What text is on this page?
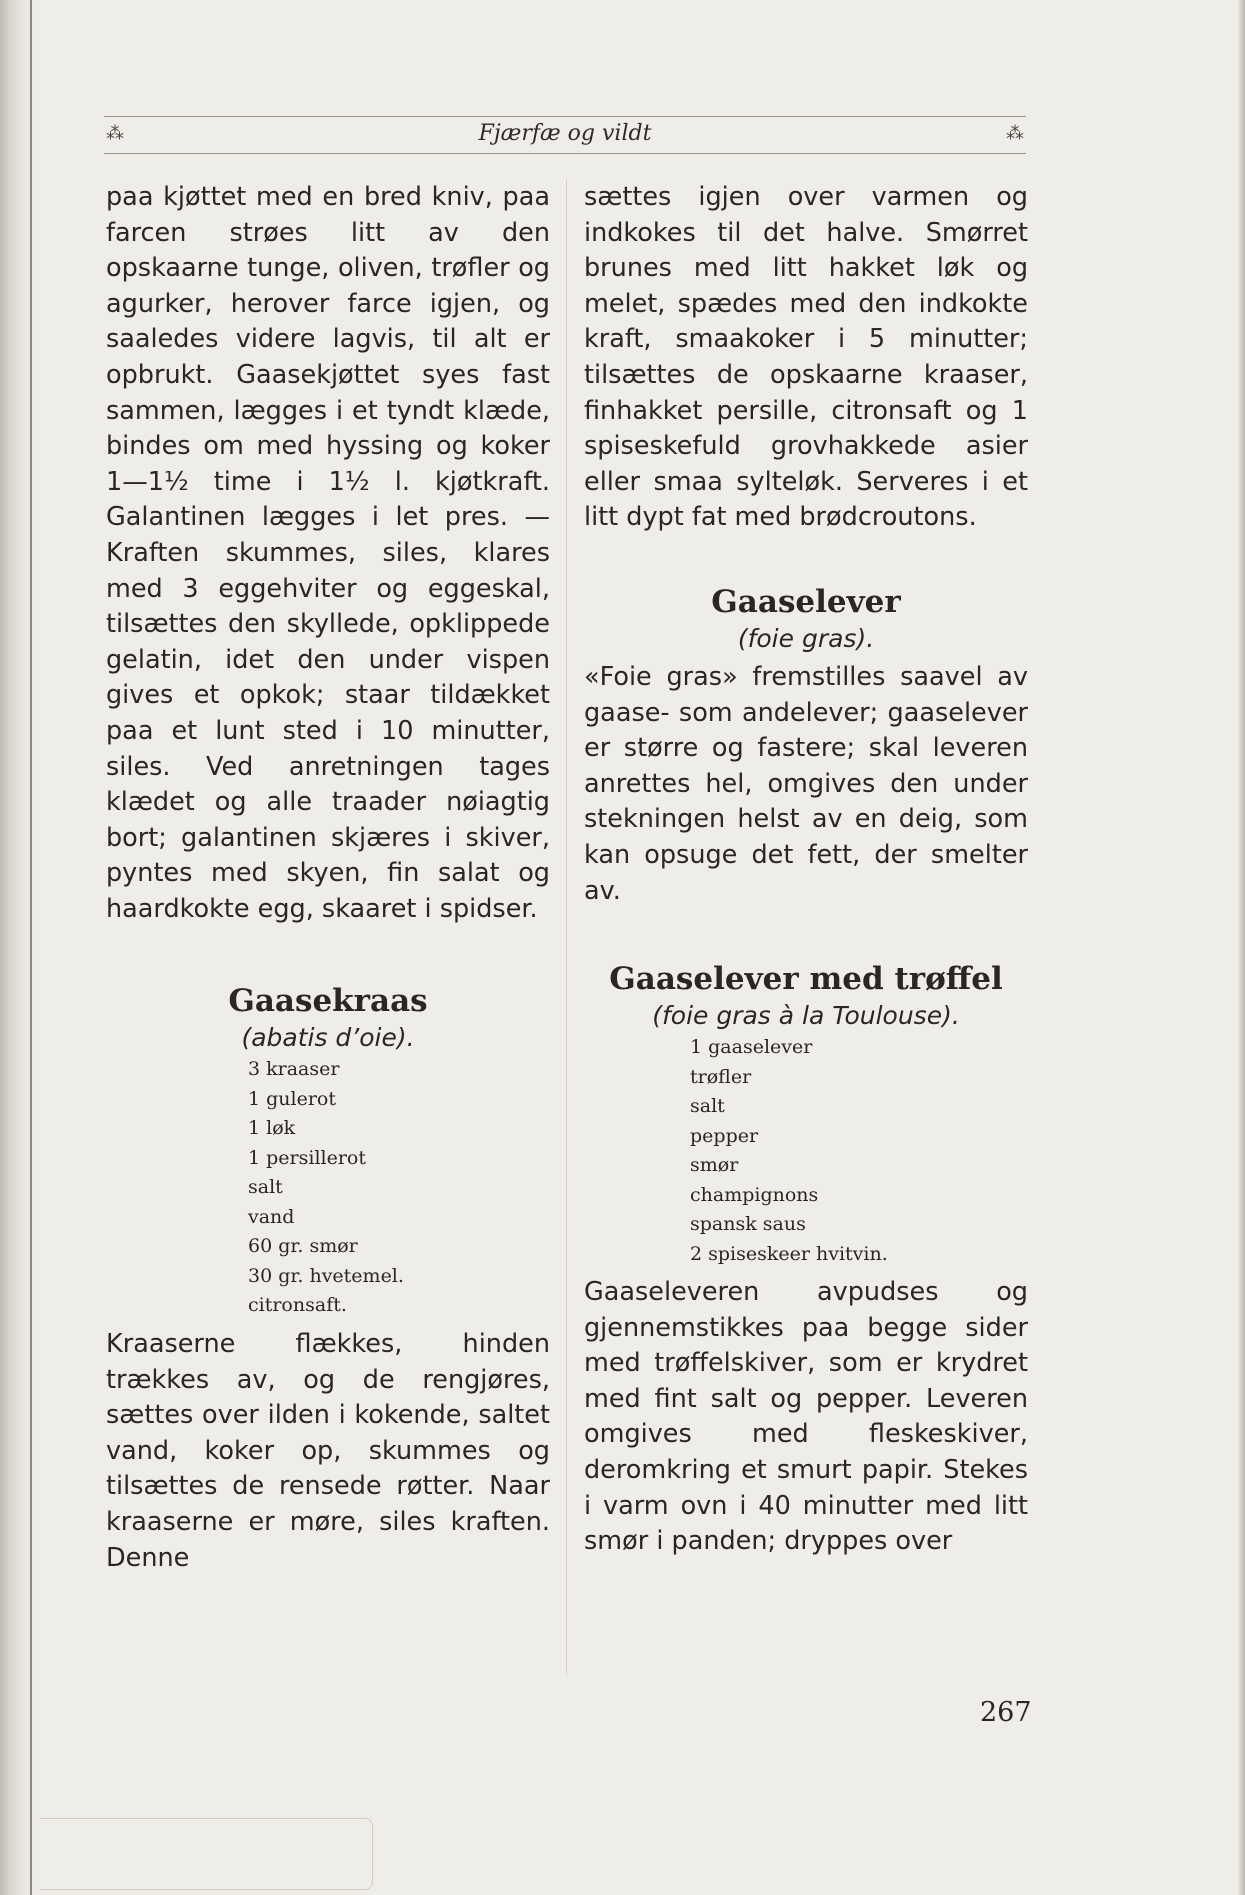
⁂	Fjærfæ og vildt	⁂

paa kjøttet med en bred kniv, paa farcen strøes litt av den opskaarne tunge, oliven, trøfler og agurker, herover farce igjen, og saaledes videre lagvis, til alt er opbrukt. Gaasekjøttet syes fast sammen, lægges i et tyndt klæde, bindes om med hyssing og koker 1—1½ time i 1½ l. kjøtkraft. Galantinen lægges i let pres. — Kraften skummes, siles, klares med 3 eggehviter og eggeskal, tilsættes den skyllede, opklippede gelatin, idet den under vispen gives et opkok; staar tildækket paa et lunt sted i 10 minutter, siles. Ved anretningen tages klædet og alle traader nøiagtig bort; galantinen skjæres i skiver, pyntes med skyen, fin salat og haardkokte egg, skaaret i spidser.

Gaasekraas
(abatis d’oie).
3 kraaser
1 gulerot
1 løk
1 persillerot
salt
vand
60 gr. smør
30 gr. hvetemel.
citronsaft.

Kraaserne flækkes, hinden trækkes av, og de rengjøres, sættes over ilden i kokende, saltet vand, koker op, skummes og tilsættes de rensede røtter. Naar kraaserne er møre, siles kraften. Denne

sættes igjen over varmen og indkokes til det halve. Smørret brunes med litt hakket løk og melet, spædes med den indkokte kraft, smaakoker i 5 minutter; tilsættes de opskaarne kraaser, finhakket persille, citronsaft og 1 spiseskefuld grovhakkede asier eller smaa sylteløk. Serveres i et litt dypt fat med brødcroutons.

Gaaselever
(foie gras).

«Foie gras» fremstilles saavel av gaase- som andelever; gaaselever er større og fastere; skal leveren anrettes hel, omgives den under stekningen helst av en deig, som kan opsuge det fett, der smelter av.

Gaaselever med trøffel
(foie gras à la Toulouse).
1 gaaselever
trøfler
salt
pepper
smør
champignons
spansk saus
2 spiseskeer hvitvin.

Gaaseleveren avpudses og gjennemstikkes paa begge sider med trøffelskiver, som er krydret med fint salt og pepper. Leveren omgives med fleskeskiver, deromkring et smurt papir. Stekes i varm ovn i 40 minutter med litt smør i panden; dryppes over

267
